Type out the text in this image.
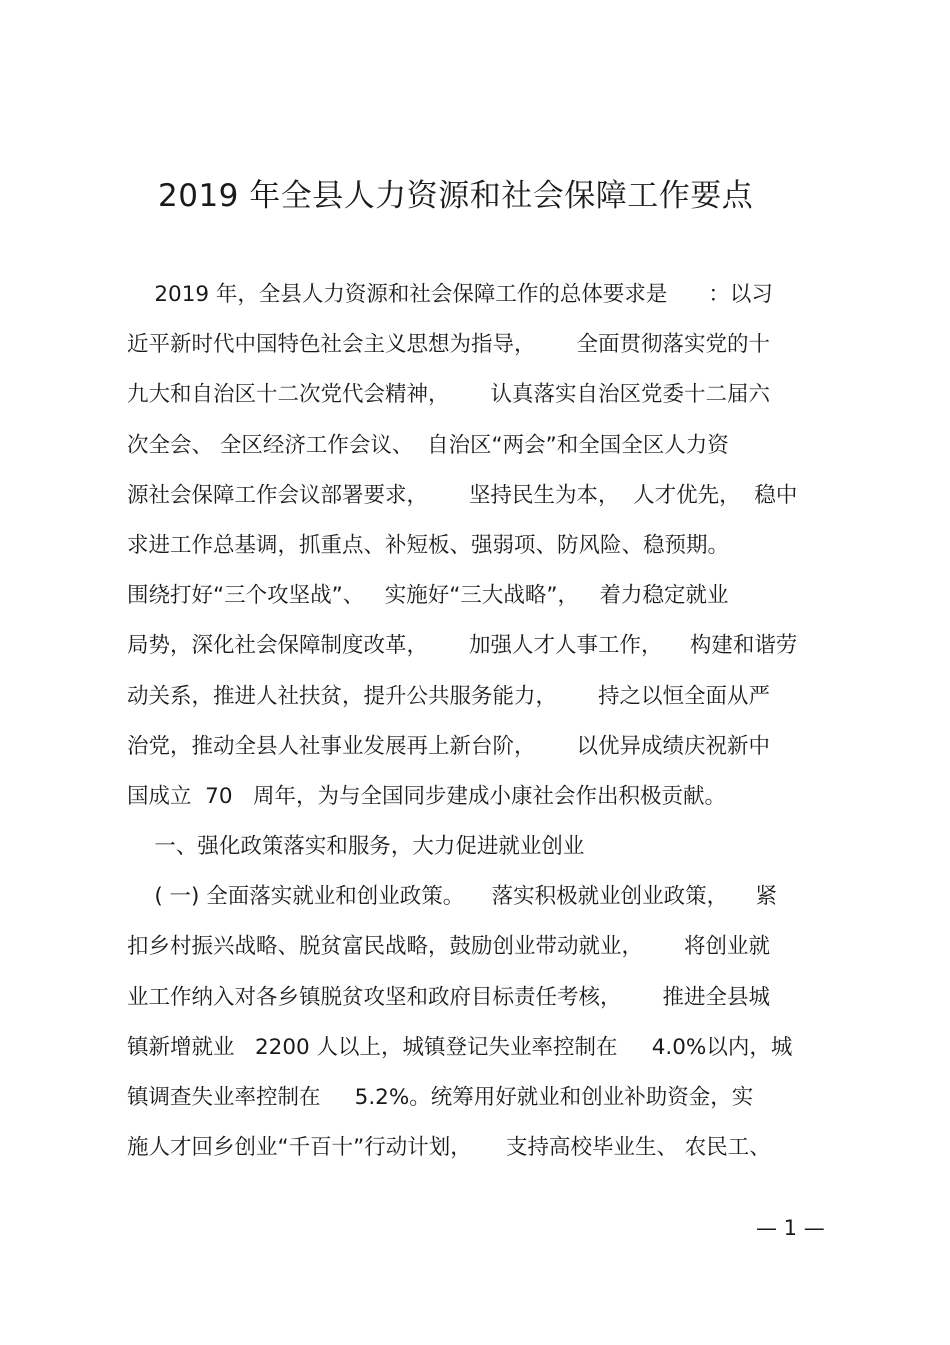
2019 年全县人力资源和社会保障工作要点
2019 年，全县人力资源和社会保障工作的总体要求是      ：以习
近平新时代中国特色社会主义思想为指导，      全面贯彻落实党的十
九大和自治区十二次党代会精神，      认真落实自治区党委十二届六
次全会、 全区经济工作会议、  自治区“两会”和全国全区人力资
源社会保障工作会议部署要求，      坚持民生为本，  人才优先，  稳中
求进工作总基调，抓重点、补短板、强弱项、防风险、稳预期。
围绕打好“三个攻坚战”、   实施好“三大战略”，   着力稳定就业
局势，深化社会保障制度改革，      加强人才人事工作，    构建和谐劳
动关系，推进人社扶贫，提升公共服务能力，      持之以恒全面从严
治党，推动全县人社事业发展再上新台阶，      以优异成绩庆祝新中
国成立  70   周年，为与全国同步建成小康社会作出积极贡献。
一、强化政策落实和服务，大力促进就业创业
( 一) 全面落实就业和创业政策。    落实积极就业创业政策，    紧
扣乡村振兴战略、脱贫富民战略，鼓励创业带动就业，      将创业就
业工作纳入对各乡镇脱贫攻坚和政府目标责任考核，      推进全县城
镇新增就业   2200 人以上，城镇登记失业率控制在     4.0%以内，城
镇调查失业率控制在     5.2%。统筹用好就业和创业补助资金，实
施人才回乡创业“千百十”行动计划，     支持高校毕业生、 农民工、
— 1 —
